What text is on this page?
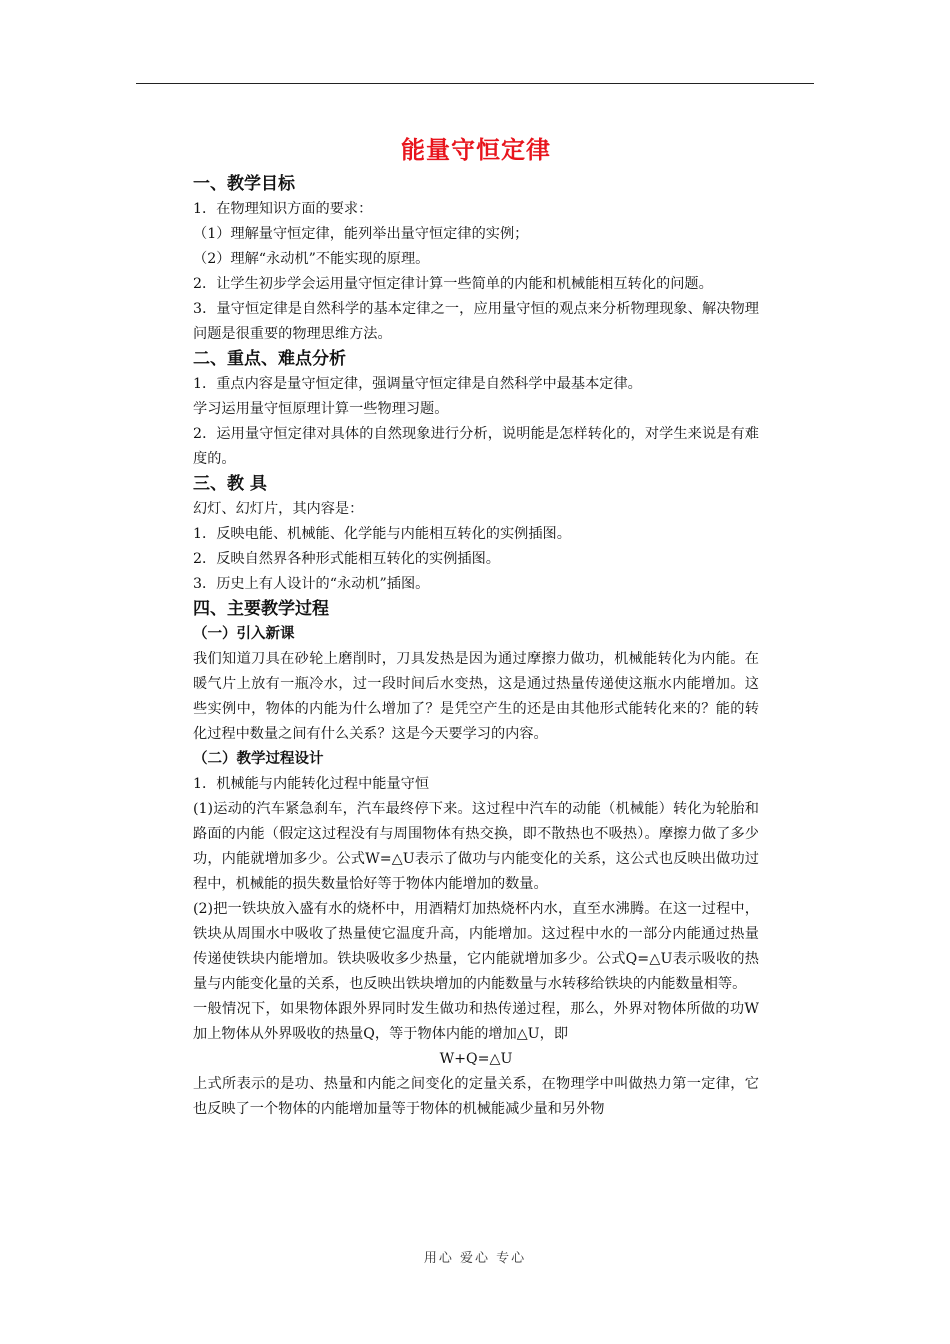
能量守恒定律
一、教学目标
1．在物理知识方面的要求：
（1）理解量守恒定律，能列举出量守恒定律的实例；
（2）理解“永动机”不能实现的原理。
2．让学生初步学会运用量守恒定律计算一些简单的内能和机械能相互转化的问题。
3．量守恒定律是自然科学的基本定律之一，应用量守恒的观点来分析物理现象、解决物理问题是很重要的物理思维方法。
二、重点、难点分析
1．重点内容是量守恒定律，强调量守恒定律是自然科学中最基本定律。
学习运用量守恒原理计算一些物理习题。
2．运用量守恒定律对具体的自然现象进行分析，说明能是怎样转化的，对学生来说是有难度的。
三、教 具
幻灯、幻灯片，其内容是：
1．反映电能、机械能、化学能与内能相互转化的实例插图。
2．反映自然界各种形式能相互转化的实例插图。
3．历史上有人设计的“永动机”插图。
四、主要教学过程
（一）引入新课
我们知道刀具在砂轮上磨削时，刀具发热是因为通过摩擦力做功，机械能转化为内能。在暖气片上放有一瓶冷水，过一段时间后水变热，这是通过热量传递使这瓶水内能增加。这些实例中，物体的内能为什么增加了？是凭空产生的还是由其他形式能转化来的？能的转化过程中数量之间有什么关系？这是今天要学习的内容。
（二）教学过程设计
1．机械能与内能转化过程中能量守恒
(1)运动的汽车紧急刹车，汽车最终停下来。这过程中汽车的动能（机械能）转化为轮胎和路面的内能（假定这过程没有与周围物体有热交换，即不散热也不吸热）。摩擦力做了多少功，内能就增加多少。公式W=△U表示了做功与内能变化的关系，这公式也反映出做功过程中，机械能的损失数量恰好等于物体内能增加的数量。
(2)把一铁块放入盛有水的烧杯中，用酒精灯加热烧杯内水，直至水沸腾。在这一过程中，铁块从周围水中吸收了热量使它温度升高，内能增加。这过程中水的一部分内能通过热量传递使铁块内能增加。铁块吸收多少热量，它内能就增加多少。公式Q=△U表示吸收的热量与内能变化量的关系，也反映出铁块增加的内能数量与水转移给铁块的内能数量相等。
一般情况下，如果物体跟外界同时发生做功和热传递过程，那么，外界对物体所做的功W加上物体从外界吸收的热量Q，等于物体内能的增加△U，即
W+Q=△U
上式所表示的是功、热量和内能之间变化的定量关系，在物理学中叫做热力第一定律，它也反映了一个物体的内能增加量等于物体的机械能减少量和另外物
用心 爱心 专心
